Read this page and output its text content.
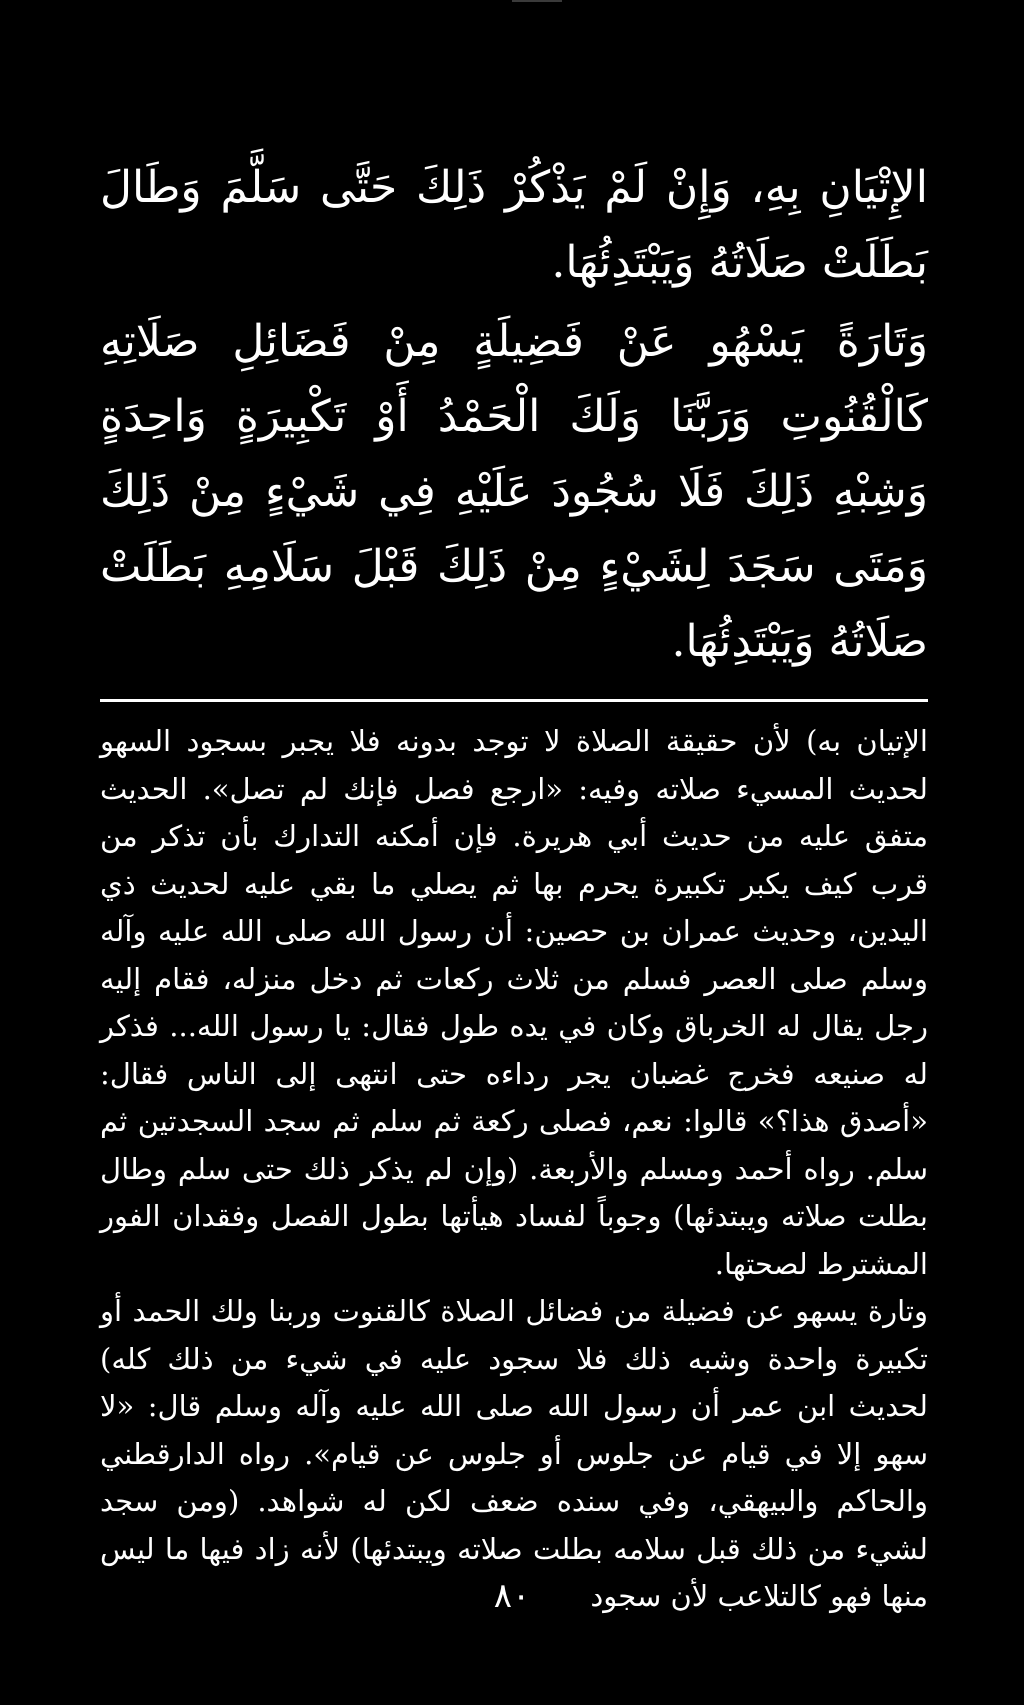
الإِتْيَانِ بِهِ، وَإِنْ لَمْ يَذْكُرْ ذَلِكَ حَتَّى سَلَّمَ وَطَالَ بَطَلَتْ صَلَاتُهُ وَيَبْتَدِئُهَا.

وَتَارَةً يَسْهُو عَنْ فَضِيلَةٍ مِنْ فَضَائِلِ صَلَاتِهِ كَالْقُنُوتِ وَرَبَّنَا وَلَكَ الْحَمْدُ أَوْ تَكْبِيرَةٍ وَاحِدَةٍ وَشِبْهِ ذَلِكَ فَلَا سُجُودَ عَلَيْهِ فِي شَيْءٍ مِنْ ذَلِكَ وَمَتَى سَجَدَ لِشَيْءٍ مِنْ ذَلِكَ قَبْلَ سَلَامِهِ بَطَلَتْ صَلَاتُهُ وَيَبْتَدِئُهَا.

الإتيان به) لأن حقيقة الصلاة لا توجد بدونه فلا يجبر بسجود السهو لحديث المسيء صلاته وفيه: «ارجع فصل فإنك لم تصل». الحديث متفق عليه من حديث أبي هريرة. فإن أمكنه التدارك بأن تذكر من قرب كيف يكبر تكبيرة يحرم بها ثم يصلي ما بقي عليه لحديث ذي اليدين، وحديث عمران بن حصين: أن رسول الله صلى الله عليه وآله وسلم صلى العصر فسلم من ثلاث ركعات ثم دخل منزله، فقام إليه رجل يقال له الخرباق وكان في يده طول فقال: يا رسول الله... فذكر له صنيعه فخرج غضبان يجر رداءه حتى انتهى إلى الناس فقال: «أصدق هذا؟» قالوا: نعم، فصلى ركعة ثم سلم ثم سجد السجدتين ثم سلم. رواه أحمد ومسلم والأربعة. (وإن لم يذكر ذلك حتى سلم وطال بطلت صلاته ويبتدئها) وجوباً لفساد هيأتها بطول الفصل وفقدان الفور المشترط لصحتها.

وتارة يسهو عن فضيلة من فضائل الصلاة كالقنوت وربنا ولك الحمد أو تكبيرة واحدة وشبه ذلك فلا سجود عليه في شيء من ذلك كله) لحديث ابن عمر أن رسول الله صلى الله عليه وآله وسلم قال: «لا سهو إلا في قيام عن جلوس أو جلوس عن قيام». رواه الدارقطني والحاكم والبيهقي، وفي سنده ضعف لكن له شواهد. (ومن سجد لشيء من ذلك قبل سلامه بطلت صلاته ويبتدئها) لأنه زاد فيها ما ليس منها فهو كالتلاعب لأن سجود

٨٠
